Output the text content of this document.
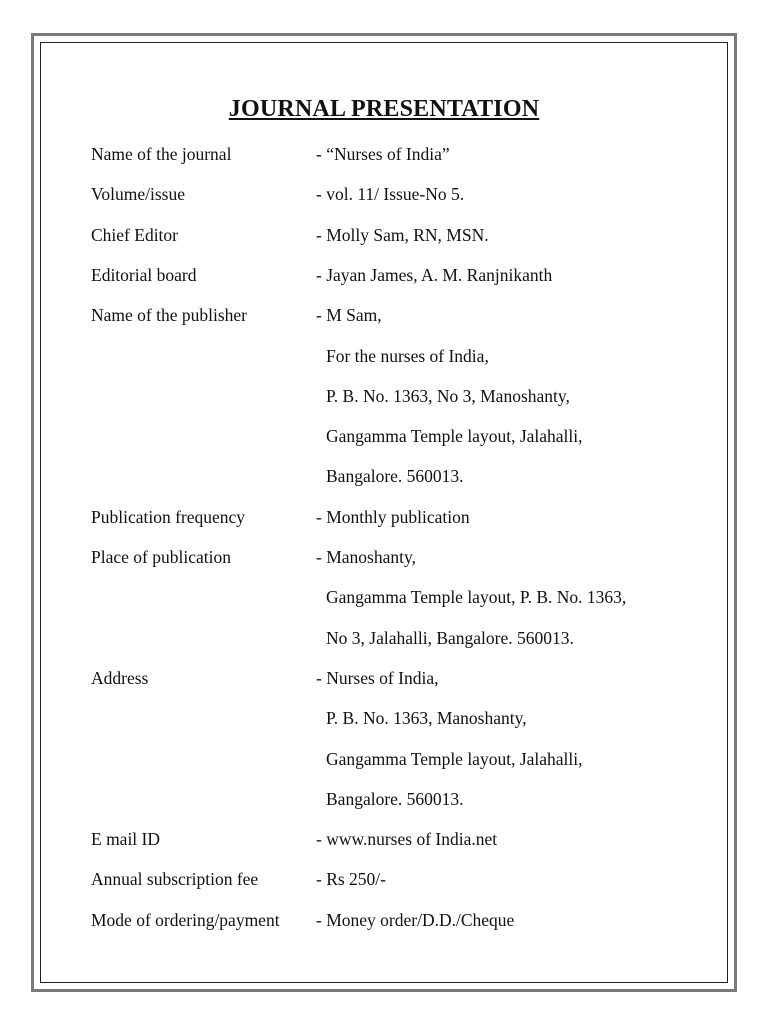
JOURNAL PRESENTATION
Name of the journal	- “Nurses of India”
Volume/issue	- vol. 11/ Issue-No 5.
Chief Editor	- Molly Sam, RN, MSN.
Editorial board	- Jayan James, A. M. Ranjnikanth
Name of the publisher	- M Sam,
For the nurses of India,
P. B. No. 1363, No 3, Manoshanty,
Gangamma Temple layout, Jalahalli,
Bangalore. 560013.
Publication frequency	- Monthly publication
Place of publication	- Manoshanty,
Gangamma Temple layout, P. B. No. 1363,
No 3, Jalahalli, Bangalore. 560013.
Address	- Nurses of India,
P. B. No. 1363, Manoshanty,
Gangamma Temple layout, Jalahalli,
Bangalore. 560013.
E mail ID	- www.nurses of India.net
Annual subscription fee	- Rs 250/-
Mode of ordering/payment - Money order/D.D./Cheque
